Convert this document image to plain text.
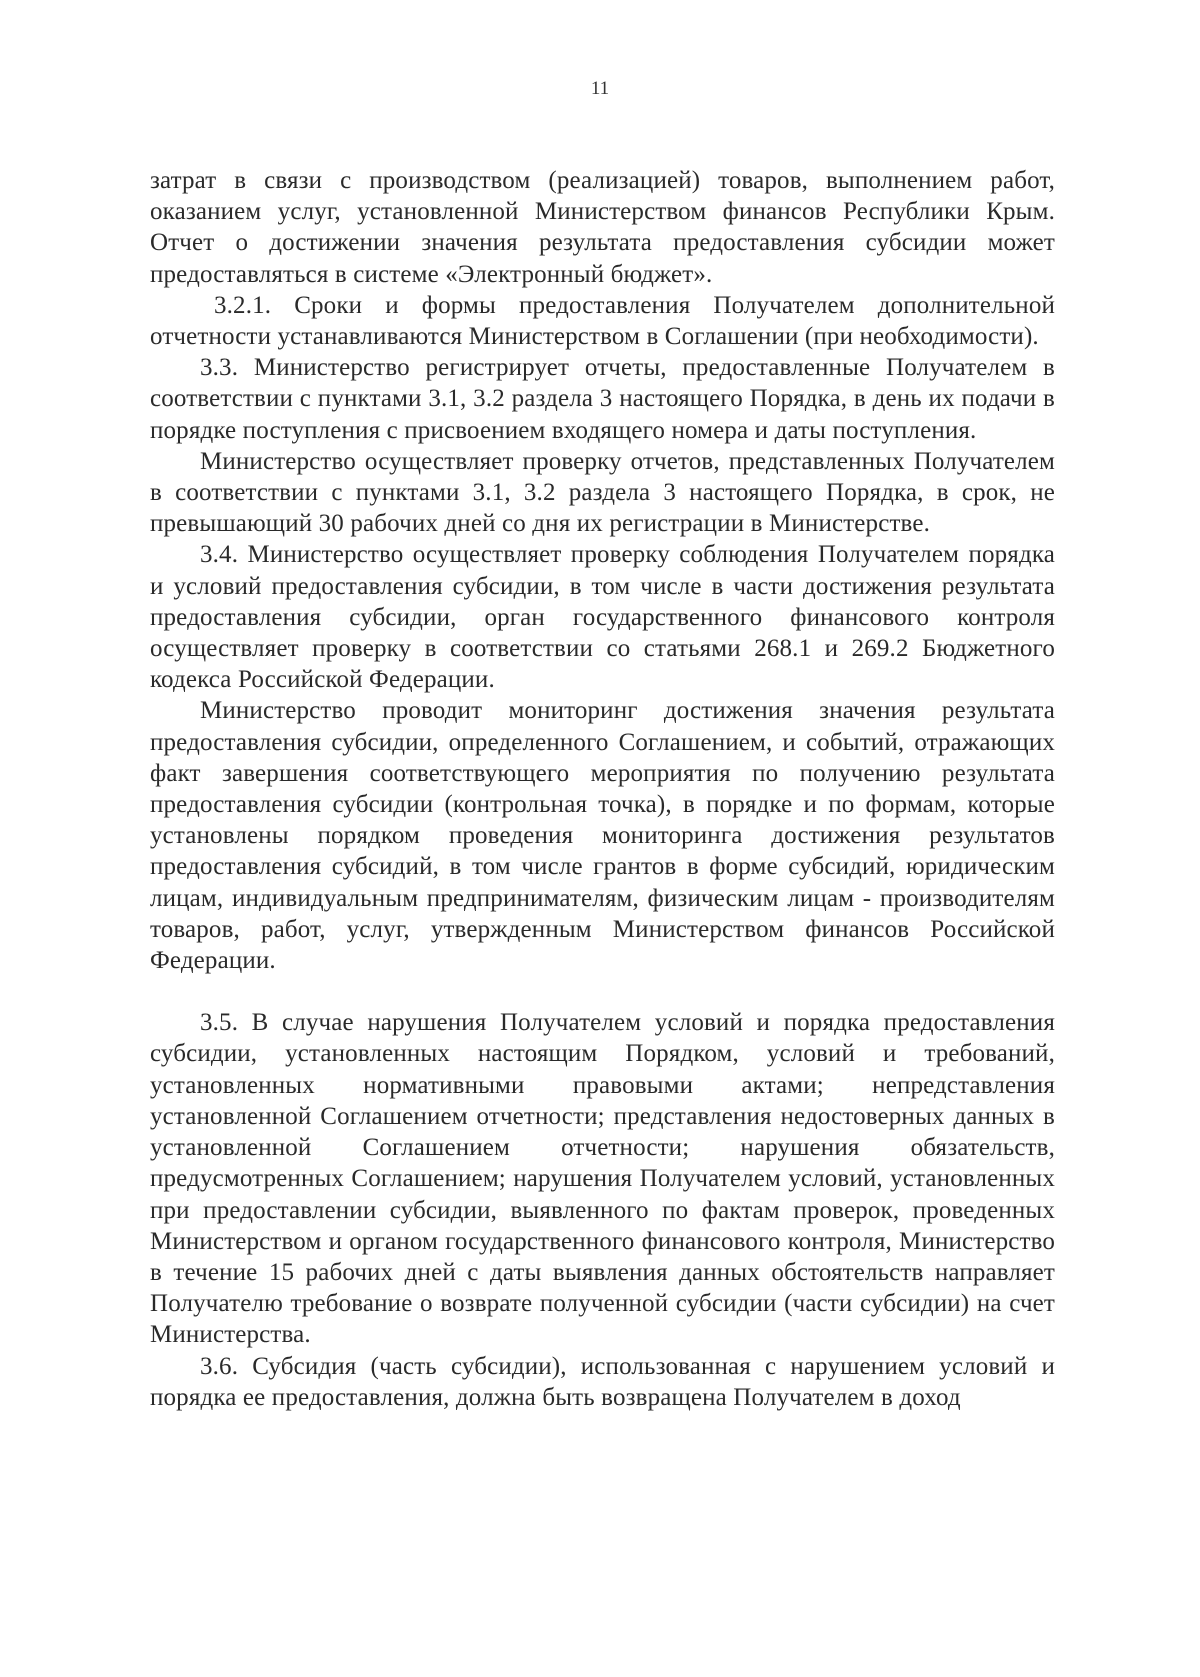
11

затрат в связи с производством (реализацией) товаров, выполнением работ, оказанием услуг, установленной Министерством финансов Республики Крым. Отчет о достижении значения результата предоставления субсидии может предоставляться в системе «Электронный бюджет».

3.2.1. Сроки и формы предоставления Получателем дополнительной отчетности устанавливаются Министерством в Соглашении (при необходимости).

3.3. Министерство регистрирует отчеты, предоставленные Получателем в соответствии с пунктами 3.1, 3.2 раздела 3 настоящего Порядка, в день их подачи в порядке поступления с присвоением входящего номера и даты поступления.

Министерство осуществляет проверку отчетов, представленных Получателем в соответствии с пунктами 3.1, 3.2 раздела 3 настоящего Порядка, в срок, не превышающий 30 рабочих дней со дня их регистрации в Министерстве.

3.4. Министерство осуществляет проверку соблюдения Получателем порядка и условий предоставления субсидии, в том числе в части достижения результата предоставления субсидии, орган государственного финансового контроля осуществляет проверку в соответствии со статьями 268.1 и 269.2 Бюджетного кодекса Российской Федерации.

Министерство проводит мониторинг достижения значения результата предоставления субсидии, определенного Соглашением, и событий, отражающих факт завершения соответствующего мероприятия по получению результата предоставления субсидии (контрольная точка), в порядке и по формам, которые установлены порядком проведения мониторинга достижения результатов предоставления субсидий, в том числе грантов в форме субсидий, юридическим лицам, индивидуальным предпринимателям, физическим лицам - производителям товаров, работ, услуг, утвержденным Министерством финансов Российской Федерации.

3.5. В случае нарушения Получателем условий и порядка предоставления субсидии, установленных настоящим Порядком, условий и требований, установленных нормативными правовыми актами; непредставления установленной Соглашением отчетности; представления недостоверных данных в установленной Соглашением отчетности; нарушения обязательств, предусмотренных Соглашением; нарушения Получателем условий, установленных при предоставлении субсидии, выявленного по фактам проверок, проведенных Министерством и органом государственного финансового контроля, Министерство в течение 15 рабочих дней с даты выявления данных обстоятельств направляет Получателю требование о возврате полученной субсидии (части субсидии) на счет Министерства.

3.6. Субсидия (часть субсидии), использованная с нарушением условий и порядка ее предоставления, должна быть возвращена Получателем в доход
